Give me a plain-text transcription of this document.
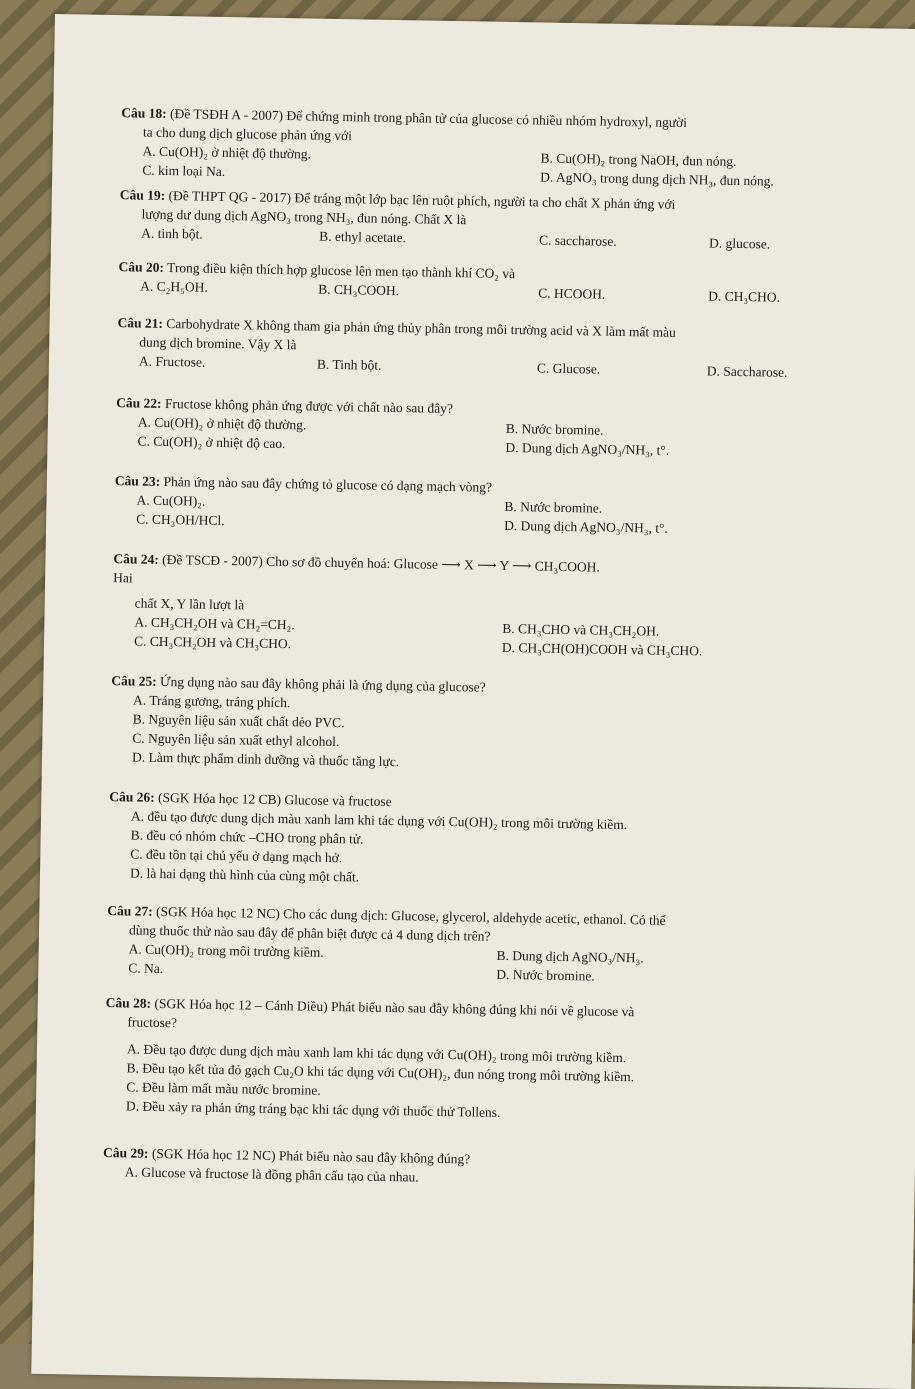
Câu 18: (Đề TSĐH A - 2007) Để chứng minh trong phân tử của glucose có nhiều nhóm hydroxyl, người
ta cho dung dịch glucose phản ứng với
A. Cu(OH)₂ ở nhiệt độ thường.	B. Cu(OH)₂ trong NaOH, đun nóng.
C. kim loại Na.	D. AgNO₃ trong dung dịch NH₃, đun nóng.
Câu 19: (Đề THPT QG - 2017) Để tráng một lớp bạc lên ruột phích, người ta cho chất X phản ứng với
lượng dư dung dịch AgNO₃ trong NH₃, đun nóng. Chất X là
A. tinh bột.	B. ethyl acetate.	C. saccharose.	D. glucose.
Câu 20: Trong điều kiện thích hợp glucose lên men tạo thành khí CO₂ và
A. C₂H₅OH.	B. CH₃COOH.	C. HCOOH.	D. CH₃CHO.
Câu 21: Carbohydrate X không tham gia phản ứng thủy phân trong môi trường acid và X làm mất màu
dung dịch bromine. Vậy X là
A. Fructose.	B. Tinh bột.	C. Glucose.	D. Saccharose.
Câu 22: Fructose không phản ứng được với chất nào sau đây?
A. Cu(OH)₂ ở nhiệt độ thường.	B. Nước bromine.
C. Cu(OH)₂ ở nhiệt độ cao.	D. Dung dịch AgNO₃/NH₃, t°.
Câu 23: Phản ứng nào sau đây chứng tỏ glucose có dạng mạch vòng?
A. Cu(OH)₂.	B. Nước bromine.
C. CH₃OH/HCl.	D. Dung dịch AgNO₃/NH₃, t°.
Câu 24: (Đề TSCĐ - 2007) Cho sơ đồ chuyển hoá: Glucose ⟶ X ⟶ Y ⟶ CH₃COOH.
Hai
chất X, Y lần lượt là
A. CH₃CH₂OH và CH₂=CH₂.	B. CH₃CHO và CH₃CH₂OH.
C. CH₃CH₂OH và CH₃CHO.	D. CH₃CH(OH)COOH và CH₃CHO.
Câu 25: Ứng dụng nào sau đây không phải là ứng dụng của glucose?
A. Tráng gương, tráng phích.
B. Nguyên liệu sản xuất chất dẻo PVC.
C. Nguyên liệu sản xuất ethyl alcohol.
D. Làm thực phẩm dinh dưỡng và thuốc tăng lực.
Câu 26: (SGK Hóa học 12 CB) Glucose và fructose
A. đều tạo được dung dịch màu xanh lam khi tác dụng với Cu(OH)₂ trong môi trường kiềm.
B. đều có nhóm chức –CHO trong phân tử.
C. đều tồn tại chủ yếu ở dạng mạch hở.
D. là hai dạng thù hình của cùng một chất.
Câu 27: (SGK Hóa học 12 NC) Cho các dung dịch: Glucose, glycerol, aldehyde acetic, ethanol. Có thể
dùng thuốc thử nào sau đây để phân biệt được cả 4 dung dịch trên?
A. Cu(OH)₂ trong môi trường kiềm.	B. Dung dịch AgNO₃/NH₃.
C. Na.	D. Nước bromine.
Câu 28: (SGK Hóa học 12 – Cánh Diều) Phát biểu nào sau đây không đúng khi nói về glucose và
fructose?
A. Đều tạo được dung dịch màu xanh lam khi tác dụng với Cu(OH)₂ trong môi trường kiềm.
B. Đều tạo kết tủa đỏ gạch Cu₂O khi tác dụng với Cu(OH)₂, đun nóng trong môi trường kiềm.
C. Đều làm mất màu nước bromine.
D. Đều xảy ra phản ứng tráng bạc khi tác dụng với thuốc thử Tollens.
Câu 29: (SGK Hóa học 12 NC) Phát biểu nào sau đây không đúng?
A. Glucose và fructose là đồng phân cấu tạo của nhau.
